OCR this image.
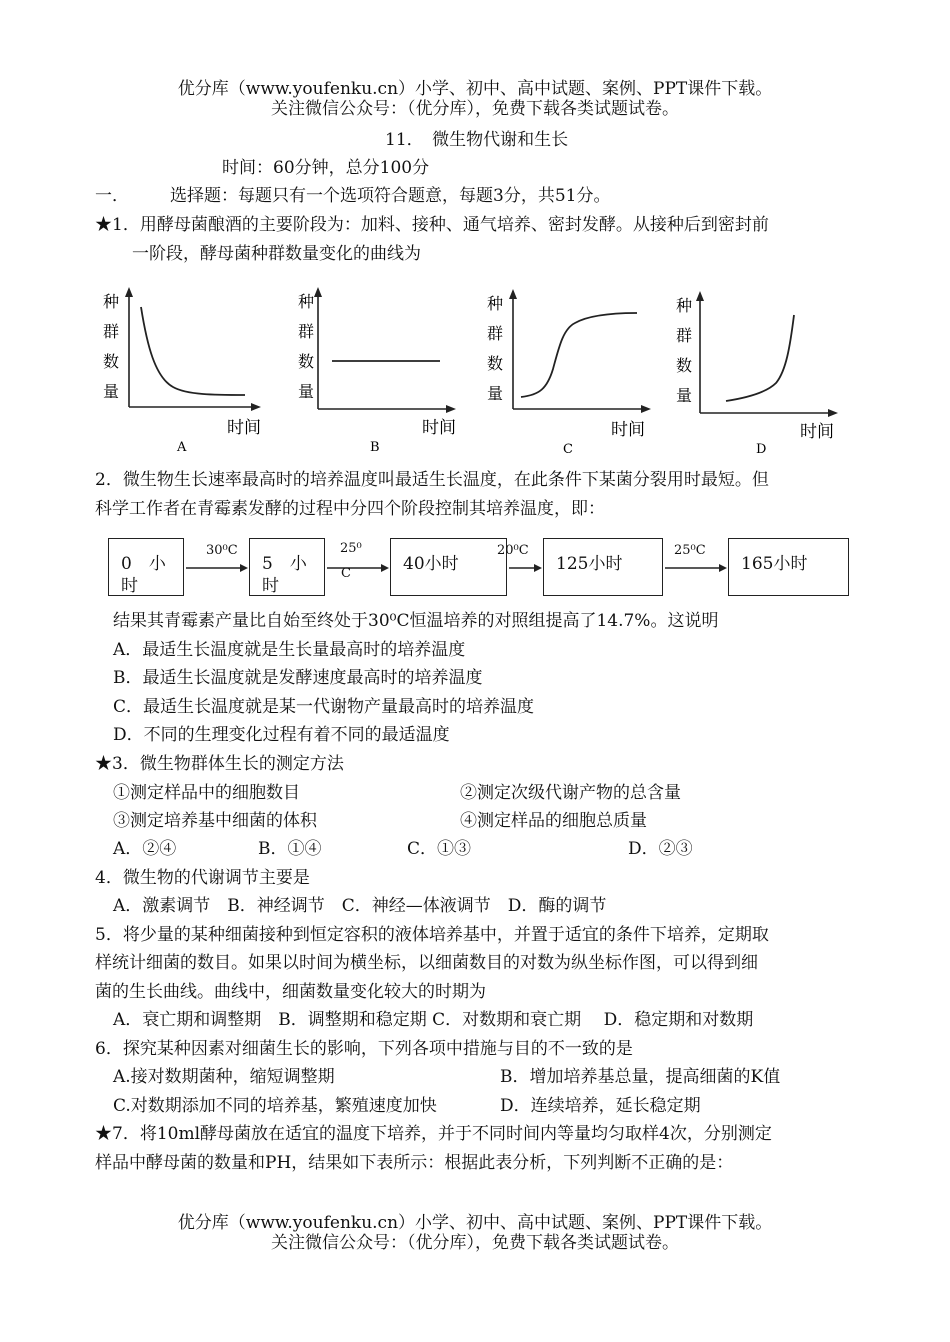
优分库（www.youfenku.cn）小学、初中、高中试题、案例、PPT课件下载。
关注微信公众号：（优分库），免费下载各类试题试卷。
11．　微生物代谢和生长
时间：60分钟，总分100分
一． 选择题：每题只有一个选项符合题意，每题3分，共51分。
★1．用酵母菌酿酒的主要阶段为：加料、接种、通气培养、密封发酵。从接种后到密封前
一阶段，酵母菌种群数量变化的曲线为
种
群
数
量
时间
A
种
群
数
量
时间
B
种
群
数
量
时间
C
种
群
数
量
时间
D
2．微生物生长速率最高时的培养温度叫最适生长温度，在此条件下某菌分裂用时最短。但
科学工作者在青霉素发酵的过程中分四个阶段控制其培养温度，即：
0　小
时
5　小
时
40小时	125小时	165小时
30⁰C	25⁰
C
20⁰C	25⁰C
结果其青霉素产量比自始至终处于30⁰C恒温培养的对照组提高了14.7%。这说明
A．最适生长温度就是生长量最高时的培养温度
B．最适生长温度就是发酵速度最高时的培养温度
C．最适生长温度就是某一代谢物产量最高时的培养温度
D．不同的生理变化过程有着不同的最适温度
★3．微生物群体生长的测定方法
①测定样品中的细胞数目	②测定次级代谢产物的总含量
③测定培养基中细菌的体积	④测定样品的细胞总质量
A．②④	B．①④	C．①③	D．②③
4．微生物的代谢调节主要是
A．激素调节　B．神经调节　C．神经—体液调节　D．酶的调节
5．将少量的某种细菌接种到恒定容积的液体培养基中，并置于适宜的条件下培养，定期取
样统计细菌的数目。如果以时间为横坐标，以细菌数目的对数为纵坐标作图，可以得到细
菌的生长曲线。曲线中，细菌数量变化较大的时期为
A．衰亡期和调整期　B．调整期和稳定期 C．对数期和衰亡期　 D．稳定期和对数期
6．探究某种因素对细菌生长的影响，下列各项中措施与目的不一致的是
A.接对数期菌种，缩短调整期	B．增加培养基总量，提高细菌的K值
C.对数期添加不同的培养基，繁殖速度加快	D．连续培养，延长稳定期
★7．将10ml酵母菌放在适宜的温度下培养，并于不同时间内等量均匀取样4次，分别测定
样品中酵母菌的数量和PH，结果如下表所示：根据此表分析，下列判断不正确的是：
优分库（www.youfenku.cn）小学、初中、高中试题、案例、PPT课件下载。
关注微信公众号：（优分库），免费下载各类试题试卷。
